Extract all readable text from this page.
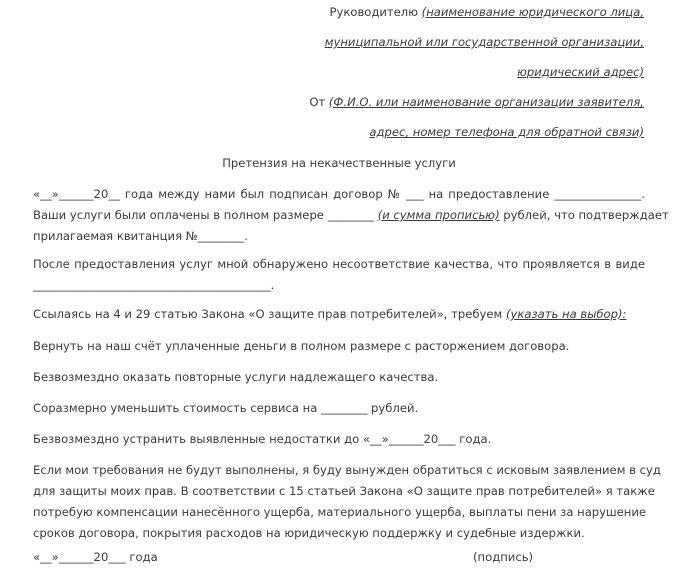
Руководителю (наименование юридического лица,
муниципальной или государственной организации,
юридический адрес)
От (Ф.И.О. или наименование организации заявителя,
адрес, номер телефона для обратной связи)
Претензия на некачественные услуги
«__»______20__ года между нами был подписан договор № ___ на предоставление _______________.
Ваши услуги были оплачены в полном размере ________ (и сумма прописью) рублей, что подтверждает
прилагаемая квитанция №________.
После предоставления услуг мной обнаружено несоответствие качества, что проявляется в виде
_________________________________________.
Ссылаясь на 4 и 29 статью Закона «О защите прав потребителей», требуем (указать на выбор):
Вернуть на наш счёт уплаченные деньги в полном размере с расторжением договора.
Безвозмездно оказать повторные услуги надлежащего качества.
Соразмерно уменьшить стоимость сервиса на ________ рублей.
Безвозмездно устранить выявленные недостатки до «__»______20___ года.
Если мои требования не будут выполнены, я буду вынужден обратиться с исковым заявлением в суд
для защиты моих прав. В соответствии с 15 статьей Закона «О защите прав потребителей» я также
потребую компенсации нанесённого ущерба, материального ущерба, выплаты пени за нарушение
сроков договора, покрытия расходов на юридическую поддержку и судебные издержки.
«__»______20___ года	(подпись)
